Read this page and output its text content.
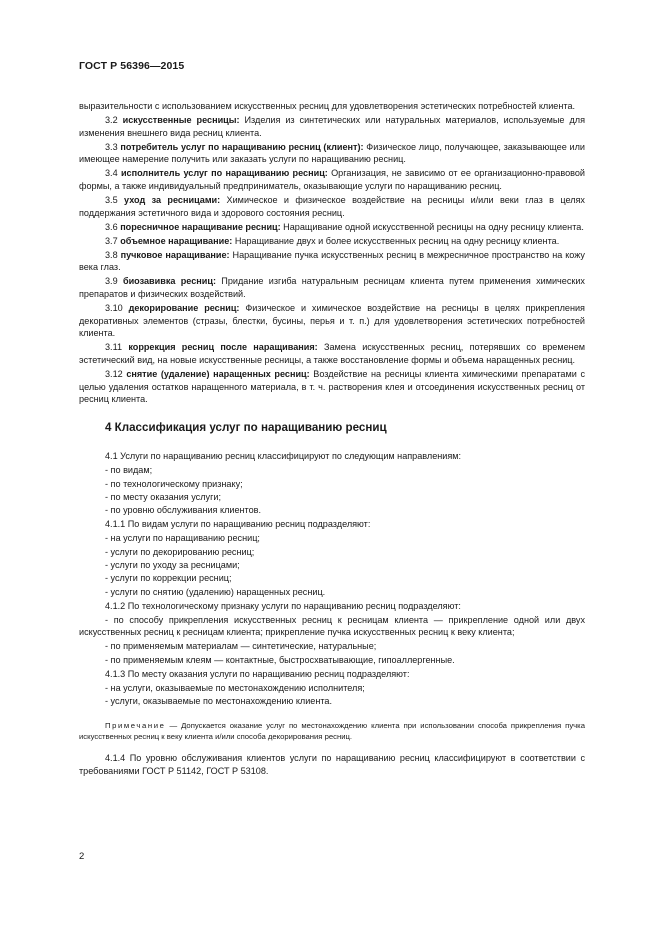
ГОСТ Р 56396—2015

выразительности с использованием искусственных ресниц для удовлетворения эстетических потребностей клиента.

3.2 искусственные ресницы: Изделия из синтетических или натуральных материалов, используемые для изменения внешнего вида ресниц клиента.

3.3 потребитель услуг по наращиванию ресниц (клиент): Физическое лицо, получающее, заказывающее или имеющее намерение получить или заказать услуги по наращиванию ресниц.

3.4 исполнитель услуг по наращиванию ресниц: Организация, не зависимо от ее организационно-правовой формы, а также индивидуальный предприниматель, оказывающие услуги по наращиванию ресниц.

3.5 уход за ресницами: Химическое и физическое воздействие на ресницы и/или веки глаз в целях поддержания эстетичного вида и здорового состояния ресниц.

3.6 поресничное наращивание ресниц: Наращивание одной искусственной ресницы на одну ресницу клиента.

3.7 объемное наращивание: Наращивание двух и более искусственных ресниц на одну ресницу клиента.

3.8 пучковое наращивание: Наращивание пучка искусственных ресниц в межресничное пространство на кожу века глаз.

3.9 биозавивка ресниц: Придание изгиба натуральным ресницам клиента путем применения химических препаратов и физических воздействий.

3.10 декорирование ресниц: Физическое и химическое воздействие на ресницы в целях прикрепления декоративных элементов (стразы, блестки, бусины, перья и т. п.) для удовлетворения эстетических потребностей клиента.

3.11 коррекция ресниц после наращивания: Замена искусственных ресниц, потерявших со временем эстетический вид, на новые искусственные ресницы, а также восстановление формы и объема наращенных ресниц.

3.12 снятие (удаление) наращенных ресниц: Воздействие на ресницы клиента химическими препаратами с целью удаления остатков наращенного материала, в т. ч. растворения клея и отсоединения искусственных ресниц от ресниц клиента.

4 Классификация услуг по наращиванию ресниц

4.1 Услуги по наращиванию ресниц классифицируют по следующим направлениям:

- по видам;
- по технологическому признаку;
- по месту оказания услуги;
- по уровню обслуживания клиентов.

4.1.1 По видам услуги по наращиванию ресниц подразделяют:

- на услуги по наращиванию ресниц;
- услуги по декорированию ресниц;
- услуги по уходу за ресницами;
- услуги по коррекции ресниц;
- услуги по снятию (удалению) наращенных ресниц.

4.1.2 По технологическому признаку услуги по наращиванию ресниц подразделяют:

- по способу прикрепления искусственных ресниц к ресницам клиента — прикрепление одной или двух искусственных ресниц к ресницам клиента; прикрепление пучка искусственных ресниц к веку клиента;

- по применяемым материалам — синтетические, натуральные;
- по применяемым клеям — контактные, быстросхватывающие, гипоаллергенные.

4.1.3 По месту оказания услуги по наращиванию ресниц подразделяют:

- на услуги, оказываемые по местонахождению исполнителя;
- услуги, оказываемые по местонахождению клиента.

Примечание — Допускается оказание услуг по местонахождению клиента при использовании способа прикрепления пучка искусственных ресниц к веку клиента и/или способа декорирования ресниц.

4.1.4 По уровню обслуживания клиентов услуги по наращиванию ресниц классифицируют в соответствии с требованиями ГОСТ Р 51142, ГОСТ Р 53108.

2
